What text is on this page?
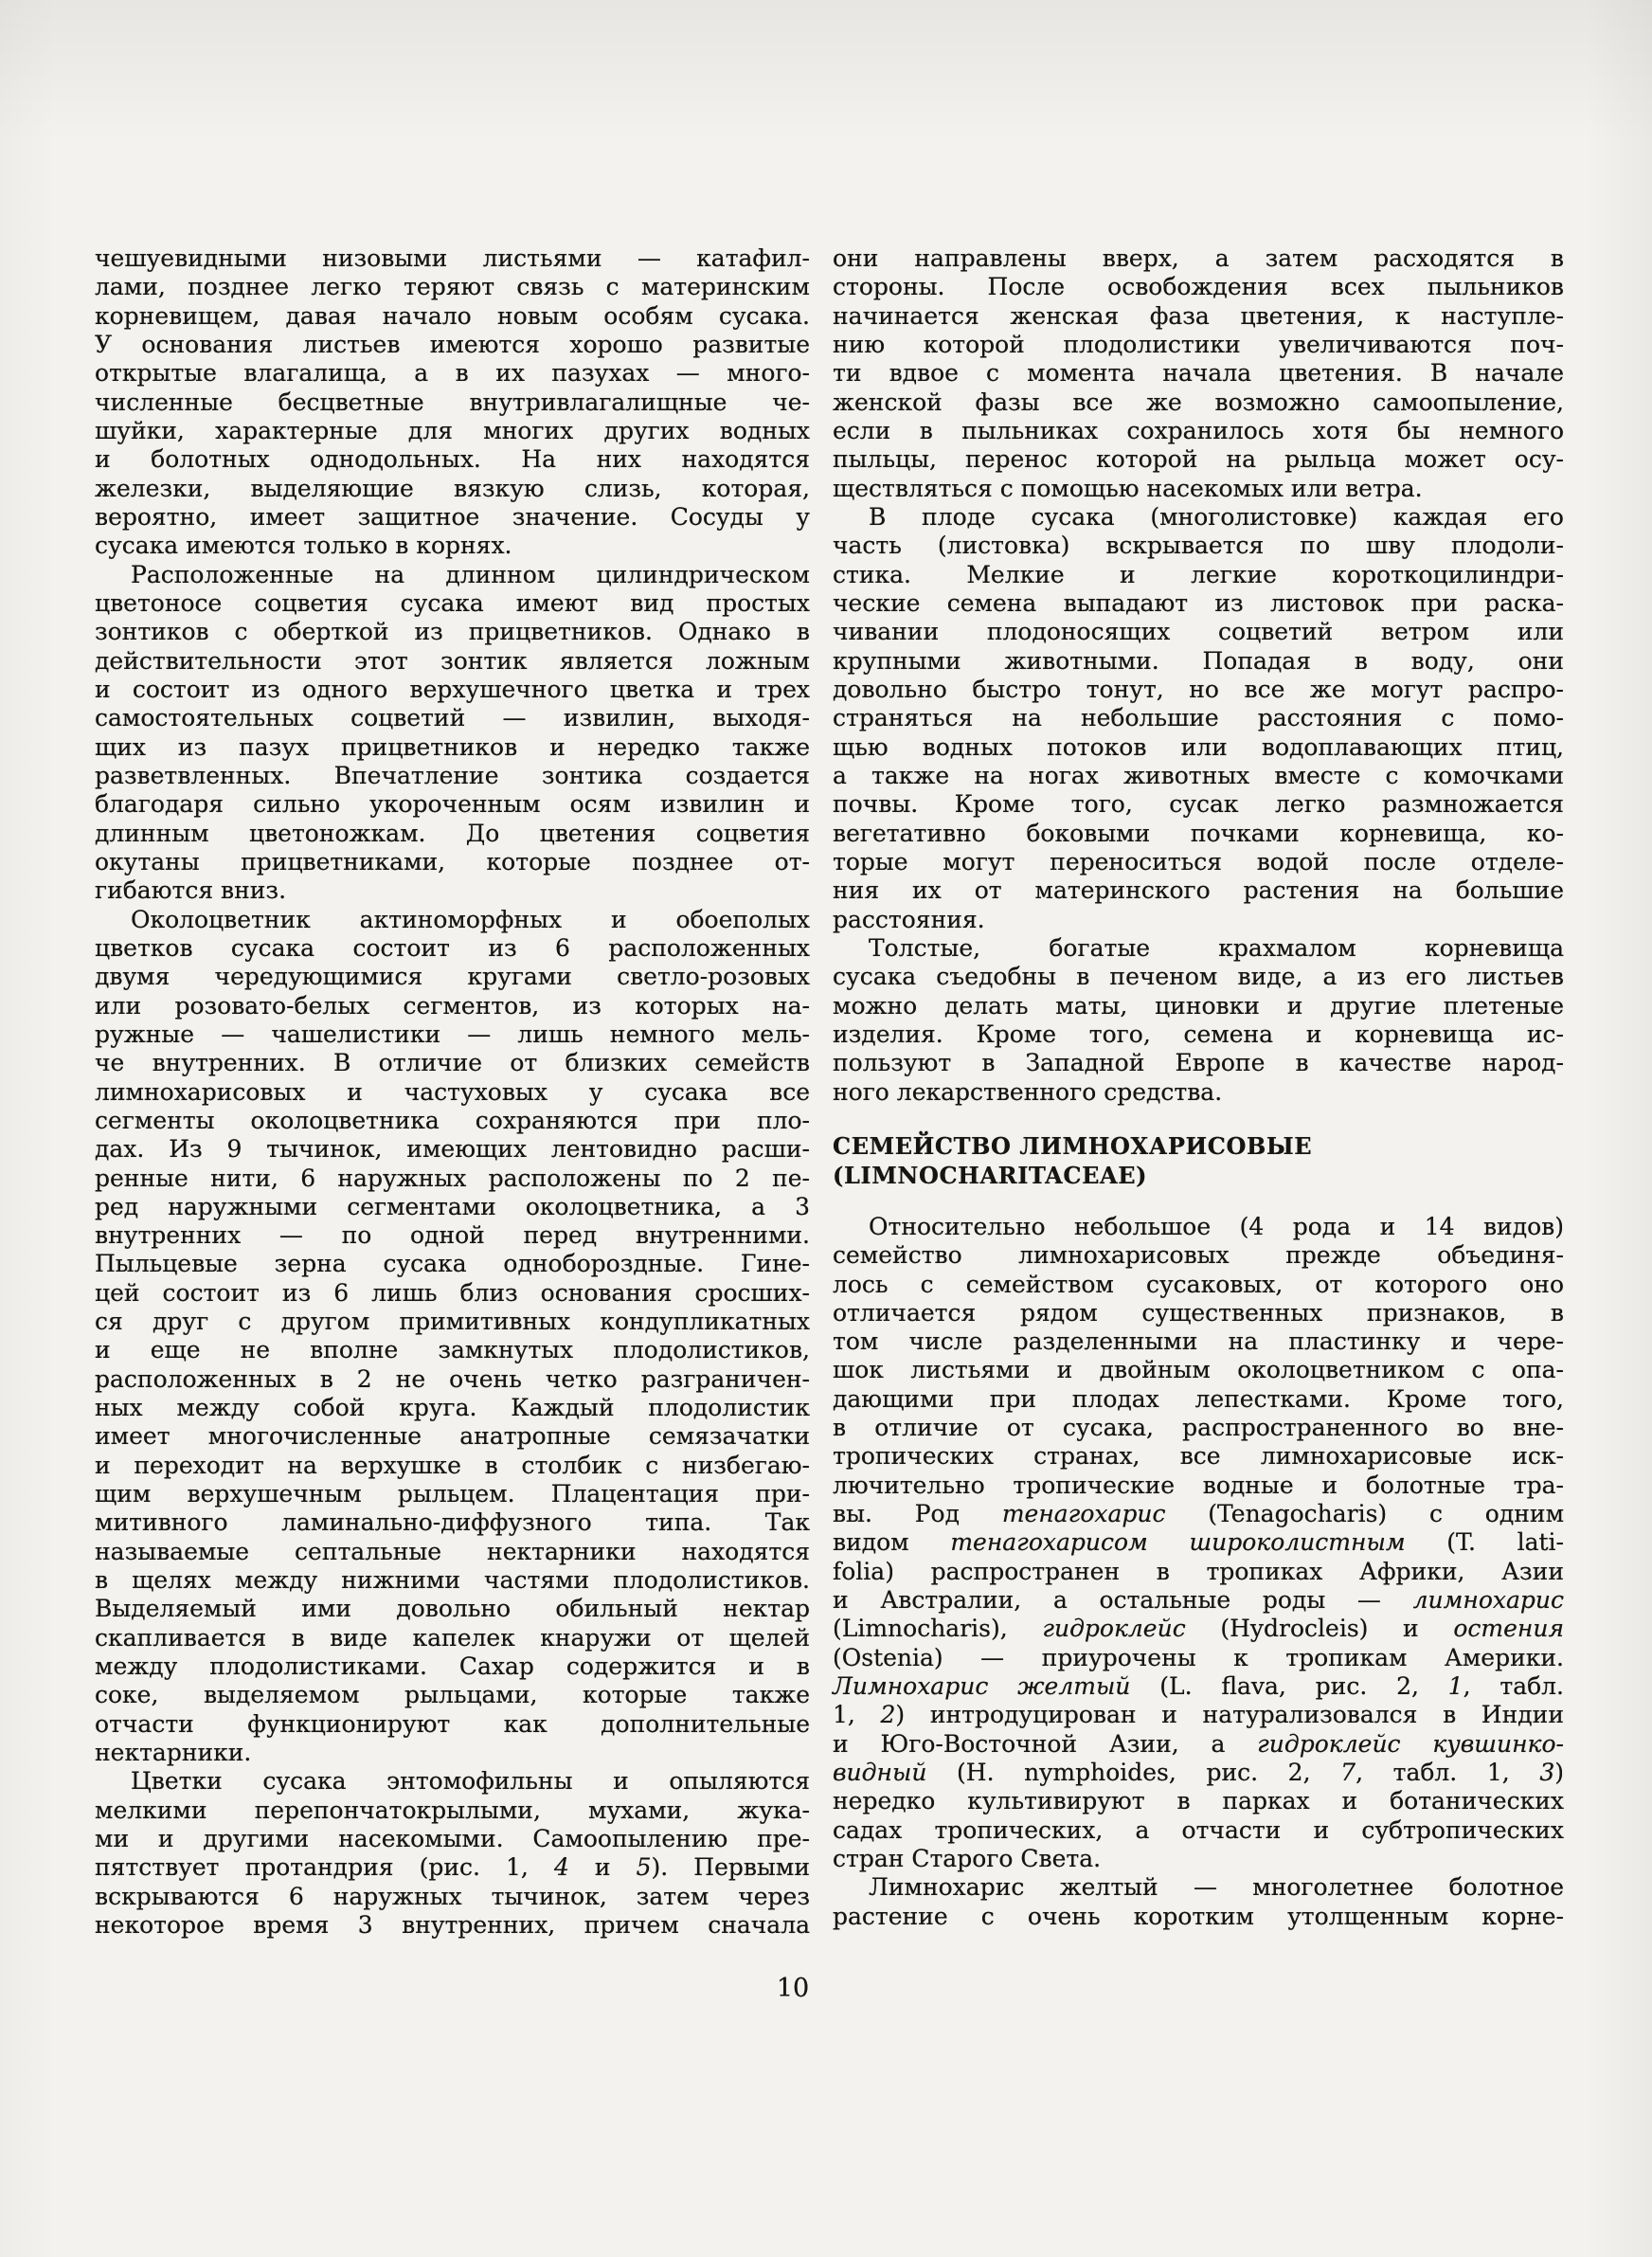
чешуевидными низовыми листьями — катафил-
лами, позднее легко теряют связь с материнским
корневищем, давая начало новым особям сусака.
У основания листьев имеются хорошо развитые
открытые влагалища, а в их пазухах — много-
численные бесцветные внутривлагалищные че-
шуйки, характерные для многих других водных
и болотных однодольных. На них находятся
железки, выделяющие вязкую слизь, которая,
вероятно, имеет защитное значение. Сосуды у
сусака имеются только в корнях.
Расположенные на длинном цилиндрическом
цветоносе соцветия сусака имеют вид простых
зонтиков с оберткой из прицветников. Однако в
действительности этот зонтик является ложным
и состоит из одного верхушечного цветка и трех
самостоятельных соцветий — извилин, выходя-
щих из пазух прицветников и нередко также
разветвленных. Впечатление зонтика создается
благодаря сильно укороченным осям извилин и
длинным цветоножкам. До цветения соцветия
окутаны прицветниками, которые позднее от-
гибаются вниз.
Околоцветник актиноморфных и обоеполых
цветков сусака состоит из 6 расположенных
двумя чередующимися кругами светло-розовых
или розовато-белых сегментов, из которых на-
ружные — чашелистики — лишь немного мель-
че внутренних. В отличие от близких семейств
лимнохарисовых и частуховых у сусака все
сегменты околоцветника сохраняются при пло-
дах. Из 9 тычинок, имеющих лентовидно расши-
ренные нити, 6 наружных расположены по 2 пе-
ред наружными сегментами околоцветника, а 3
внутренних — по одной перед внутренними.
Пыльцевые зерна сусака однобороздные. Гине-
цей состоит из 6 лишь близ основания сросших-
ся друг с другом примитивных кондупликатных
и еще не вполне замкнутых плодолистиков,
расположенных в 2 не очень четко разграничен-
ных между собой круга. Каждый плодолистик
имеет многочисленные анатропные семязачатки
и переходит на верхушке в столбик с низбегаю-
щим верхушечным рыльцем. Плацентация при-
митивного ламинально-диффузного типа. Так
называемые септальные нектарники находятся
в щелях между нижними частями плодолистиков.
Выделяемый ими довольно обильный нектар
скапливается в виде капелек кнаружи от щелей
между плодолистиками. Сахар содержится и в
соке, выделяемом рыльцами, которые также
отчасти функционируют как дополнительные
нектарники.
Цветки сусака энтомофильны и опыляются
мелкими перепончатокрылыми, мухами, жука-
ми и другими насекомыми. Самоопылению пре-
пятствует протандрия (рис. 1, 4 и 5). Первыми
вскрываются 6 наружных тычинок, затем через
некоторое время 3 внутренних, причем сначала
они направлены вверх, а затем расходятся в
стороны. После освобождения всех пыльников
начинается женская фаза цветения, к наступле-
нию которой плодолистики увеличиваются поч-
ти вдвое с момента начала цветения. В начале
женской фазы все же возможно самоопыление,
если в пыльниках сохранилось хотя бы немного
пыльцы, перенос которой на рыльца может осу-
ществляться с помощью насекомых или ветра.
В плоде сусака (многолистовке) каждая его
часть (листовка) вскрывается по шву плодоли-
стика. Мелкие и легкие короткоцилиндри-
ческие семена выпадают из листовок при раска-
чивании плодоносящих соцветий ветром или
крупными животными. Попадая в воду, они
довольно быстро тонут, но все же могут распро-
страняться на небольшие расстояния с помо-
щью водных потоков или водоплавающих птиц,
а также на ногах животных вместе с комочками
почвы. Кроме того, сусак легко размножается
вегетативно боковыми почками корневища, ко-
торые могут переноситься водой после отделе-
ния их от материнского растения на большие
расстояния.
Толстые, богатые крахмалом корневища
сусака съедобны в печеном виде, а из его листьев
можно делать маты, циновки и другие плетеные
изделия. Кроме того, семена и корневища ис-
пользуют в Западной Европе в качестве народ-
ного лекарственного средства.
СЕМЕЙСТВО ЛИМНОХАРИСОВЫЕ
(LIMNOCHARITACEAE)
Относительно небольшое (4 рода и 14 видов)
семейство лимнохарисовых прежде объединя-
лось с семейством сусаковых, от которого оно
отличается рядом существенных признаков, в
том числе разделенными на пластинку и чере-
шок листьями и двойным околоцветником с опа-
дающими при плодах лепестками. Кроме того,
в отличие от сусака, распространенного во вне-
тропических странах, все лимнохарисовые иск-
лючительно тропические водные и болотные тра-
вы. Род тенагохарис (Tenagocharis) с одним
видом тенагохарисом широколистным (T. lati-
folia) распространен в тропиках Африки, Азии
и Австралии, а остальные роды — лимнохарис
(Limnocharis), гидроклейс (Hydrocleis) и остения
(Ostenia) — приурочены к тропикам Америки.
Лимнохарис желтый (L. flava, рис. 2, 1, табл.
1, 2) интродуцирован и натурализовался в Индии
и Юго-Восточной Азии, а гидроклейс кувшинко-
видный (H. nymphoides, рис. 2, 7, табл. 1, 3)
нередко культивируют в парках и ботанических
садах тропических, а отчасти и субтропических
стран Старого Света.
Лимнохарис желтый — многолетнее болотное
растение с очень коротким утолщенным корне-
10
